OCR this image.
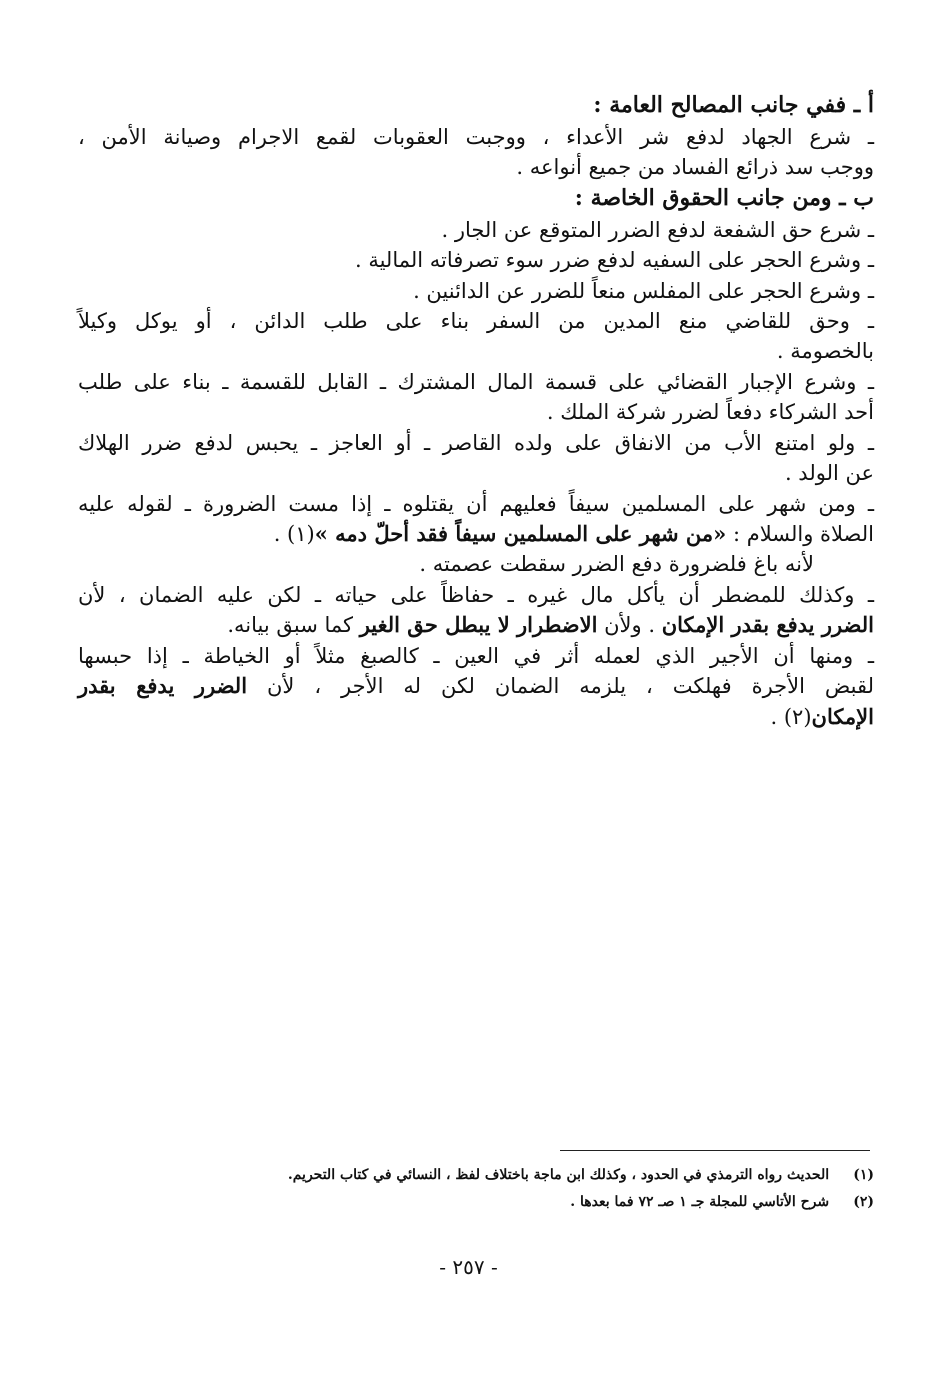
أ ـ ففي جانب المصالح العامة :

ـ شرع الجهاد لدفع شر الأعداء ، ووجبت العقوبات لقمع الاجرام وصيانة الأمن ،

ووجب سد ذرائع الفساد من جميع أنواعه .

ب ـ ومن جانب الحقوق الخاصة :

ـ شرع حق الشفعة لدفع الضرر المتوقع عن الجار .

ـ وشرع الحجر على السفيه لدفع ضرر سوء تصرفاته المالية .

ـ وشرع الحجر على المفلس منعاً للضرر عن الدائنين .

ـ وحق للقاضي منع المدين من السفر بناء على طلب الدائن ، أو يوكل وكيلاً

بالخصومة .

ـ وشرع الإجبار القضائي على قسمة المال المشترك ـ القابل للقسمة ـ بناء على طلب

أحد الشركاء دفعاً لضرر شركة الملك .

ـ ولو امتنع الأب من الانفاق على ولده القاصر ـ أو العاجز ـ يحبس لدفع ضرر الهلاك

عن الولد .

ـ ومن شهر على المسلمين سيفاً فعليهم أن يقتلوه ـ إذا مست الضرورة ـ لقوله عليه

الصلاة والسلام : «من شهر على المسلمين سيفاً فقد أحلّ دمه »(١) .

لأنه باغ فلضرورة دفع الضرر سقطت عصمته .

ـ وكذلك للمضطر أن يأكل مال غيره ـ حفاظاً على حياته ـ لكن عليه الضمان ، لأن

الضرر يدفع بقدر الإمكان . ولأن الاضطرار لا يبطل حق الغير كما سبق بيانه.

ـ ومنها أن الأجير الذي لعمله أثر في العين ـ كالصبغ مثلاً أو الخياطة ـ إذا حبسها

لقبض الأجرة فهلكت ، يلزمه الضمان لكن له الأجر ، لأن الضرر يدفع بقدر

الإمكان(٢) .

(١) الحديث رواه الترمذي في الحدود ، وكذلك ابن ماجة باختلاف لفظ ، النسائي في كتاب التحريم.
(٢) شرح الأتاسي للمجلة جـ ١ صـ ٧٢ فما بعدها .
- ٢٥٧ -
